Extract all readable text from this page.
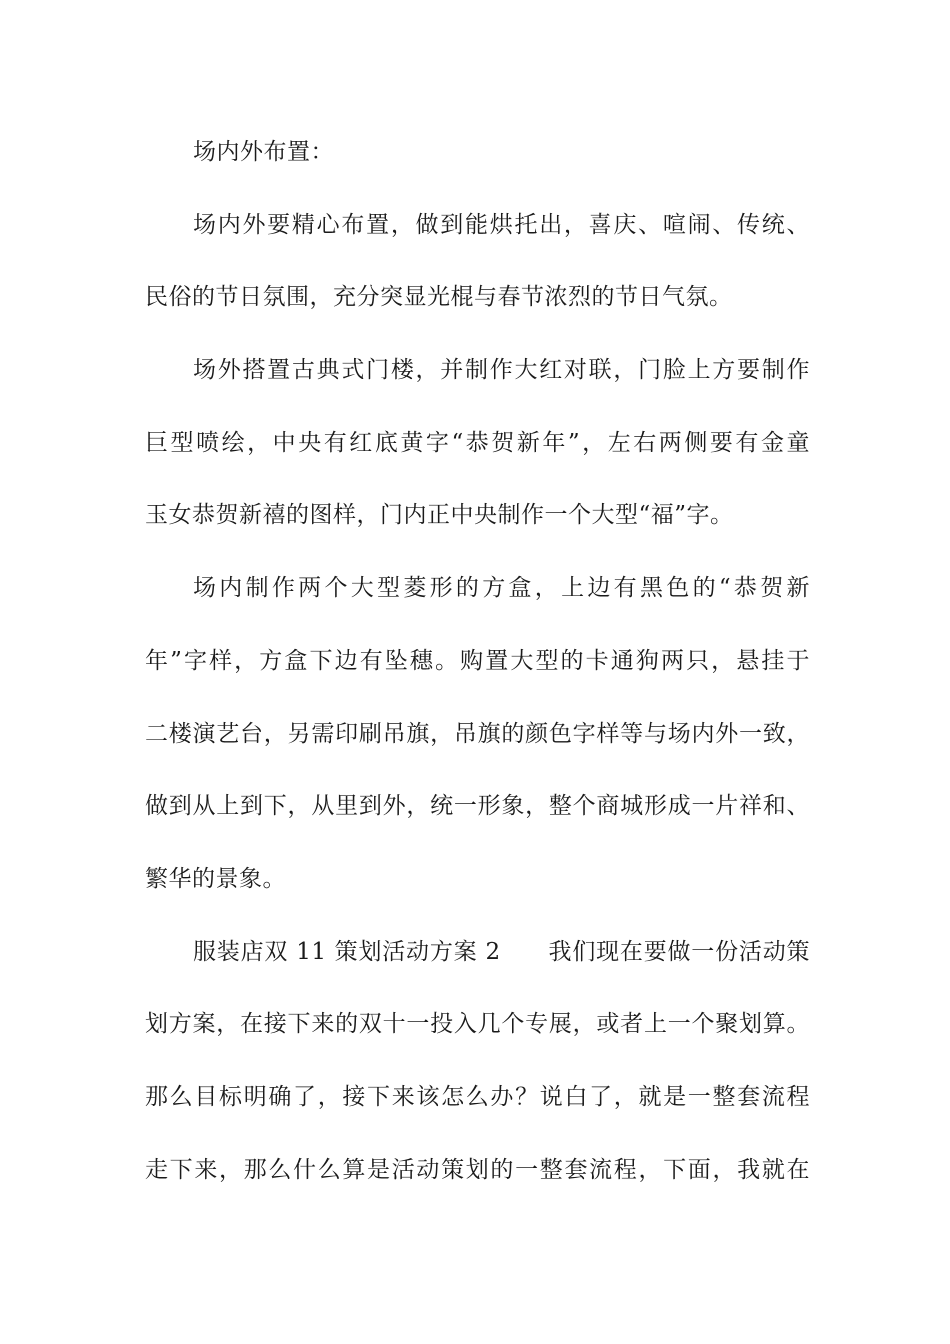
场内外布置：
场内外要精心布置，做到能烘托出，喜庆、喧闹、传统、
民俗的节日氛围，充分突显光棍与春节浓烈的节日气氛。
场外搭置古典式门楼，并制作大红对联，门脸上方要制作
巨型喷绘，中央有红底黄字“恭贺新年”，左右两侧要有金童
玉女恭贺新禧的图样，门内正中央制作一个大型“福”字。
场内制作两个大型菱形的方盒，上边有黑色的“恭贺新
年”字样，方盒下边有坠穗。购置大型的卡通狗两只，悬挂于
二楼演艺台，另需印刷吊旗，吊旗的颜色字样等与场内外一致，
做到从上到下，从里到外，统一形象，整个商城形成一片祥和、
繁华的景象。
服装店双 11 策划活动方案 2　　我们现在要做一份活动策
划方案，在接下来的双十一投入几个专展，或者上一个聚划算。
那么目标明确了，接下来该怎么办？说白了，就是一整套流程
走下来，那么什么算是活动策划的一整套流程，下面，我就在
